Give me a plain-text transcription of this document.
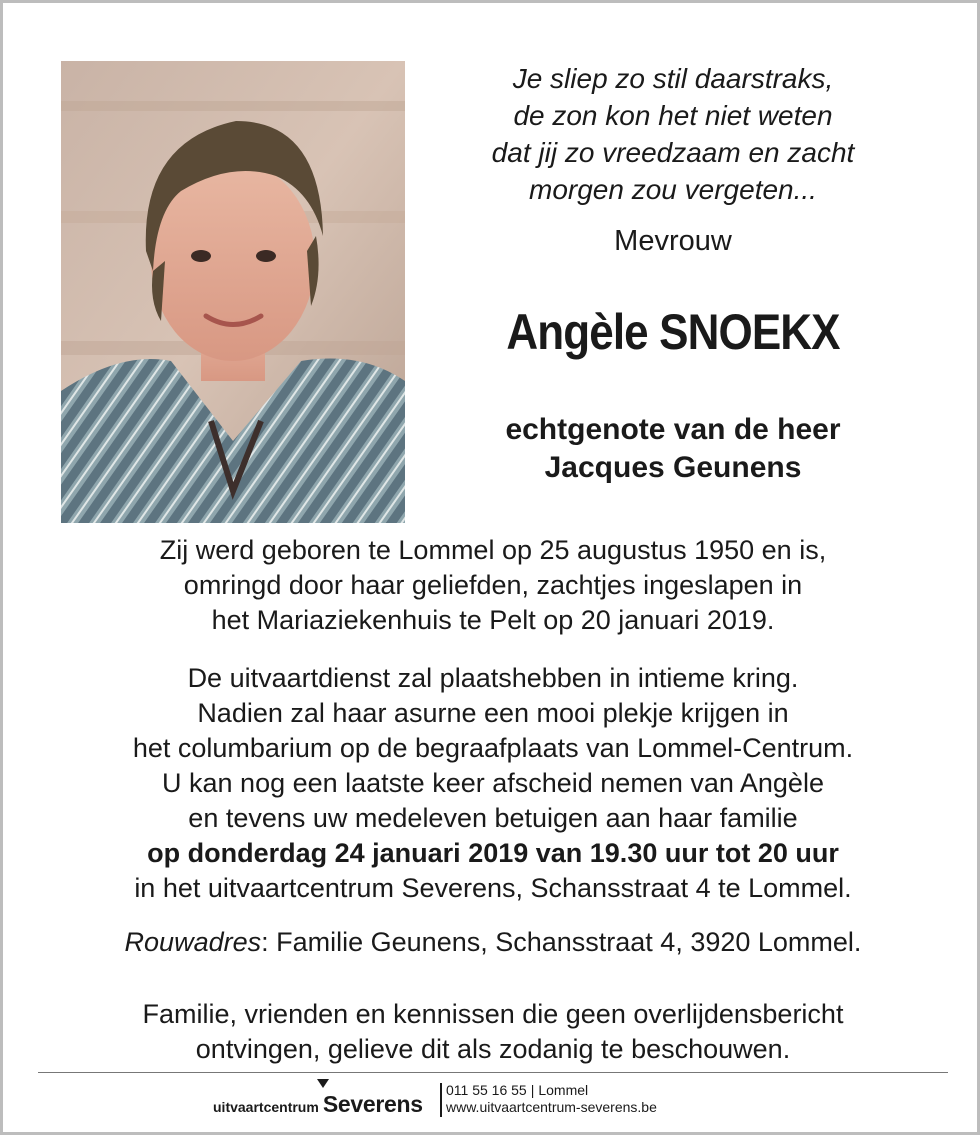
Je sliep zo stil daarstraks,
de zon kon het niet weten
dat jij zo vreedzaam en zacht
morgen zou vergeten...
Mevrouw
Angèle SNOEKX
echtgenote van de heer
Jacques Geunens
Zij werd geboren te Lommel op 25 augustus 1950 en is,
omringd door haar geliefden, zachtjes ingeslapen in
het Mariaziekenhuis te Pelt op 20 januari 2019.
De uitvaartdienst zal plaatshebben in intieme kring.
Nadien zal haar asurne een mooi plekje krijgen in
het columbarium op de begraafplaats van Lommel-Centrum.
U kan nog een laatste keer afscheid nemen van Angèle
en tevens uw medeleven betuigen aan haar familie
op donderdag 24 januari 2019 van 19.30 uur tot 20 uur
in het uitvaartcentrum Severens, Schansstraat 4 te Lommel.
Rouwadres: Familie Geunens, Schansstraat 4, 3920 Lommel.
Familie, vrienden en kennissen die geen overlijdensbericht
ontvingen, gelieve dit als zodanig te beschouwen.
uitvaartcentrum Severens
011 55 16 55 | Lommel
www.uitvaartcentrum-severens.be
